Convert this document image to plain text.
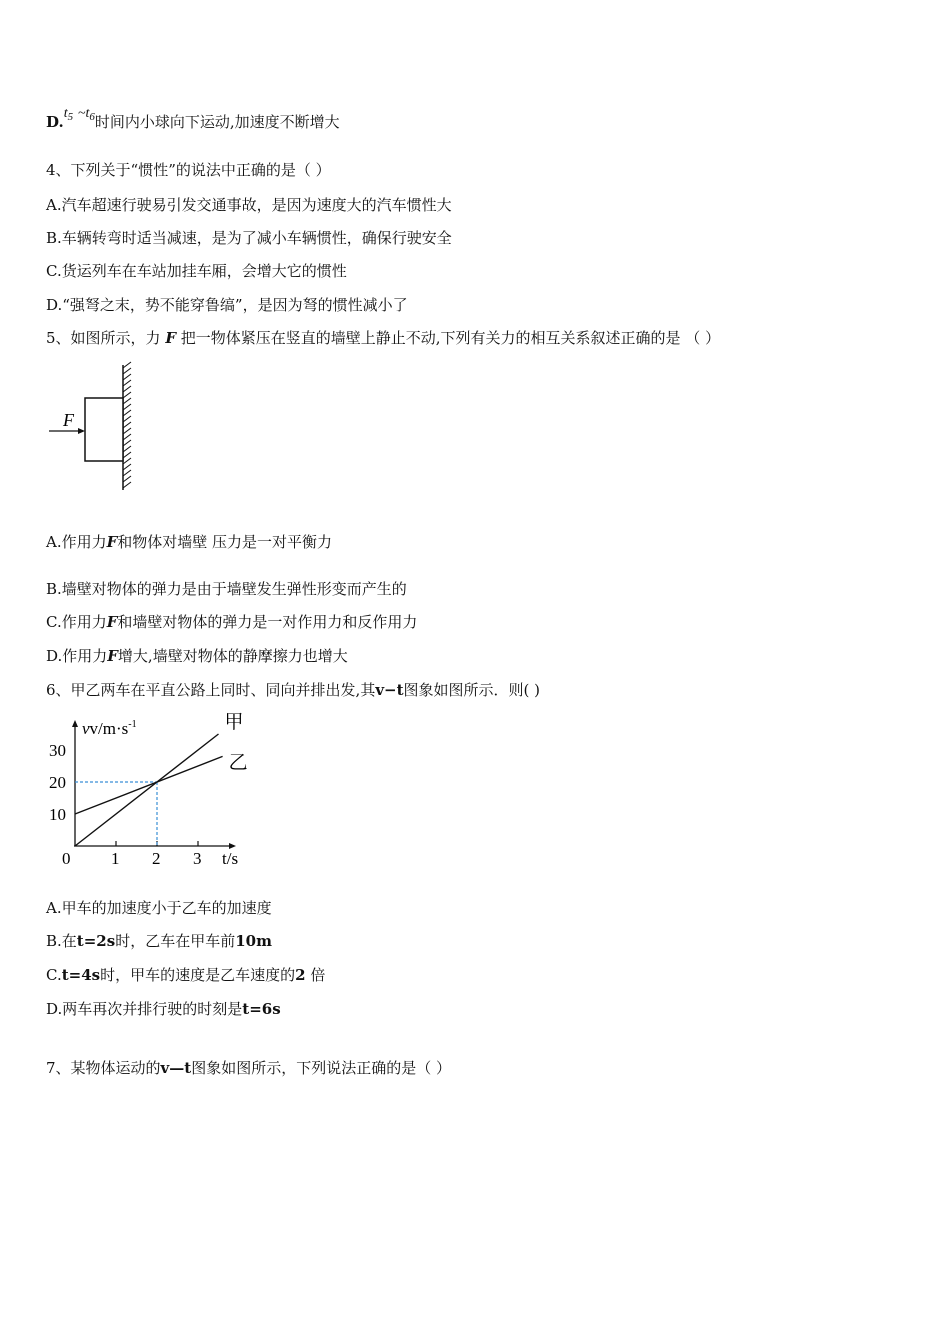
$D.t_5$ $\sim t_6$时间内小球向下运动,加速度不断增大
4、下列关于“惯性”的说法中正确的是（ ）
A.汽车超速行驶易引发交通事故，是因为速度大的汽车惯性大
B.车辆转弯时适当减速，是为了减小车辆惯性，确保行驶安全
C.货运列车在车站加挂车厢，会增大它的惯性
D.“强弩之末，势不能穿鲁缟”，是因为弩的惯性减小了
5、如图所示，力 F 把一物体紧压在竖直的墙壁上静止不动,下列有关力的相互关系叙述正确的是 （ ）
F
A.作用力F和物体对墙壁 压力是一对平衡力
B.墙壁对物体的弹力是由于墙壁发生弹性形变而产生的
C.作用力F和墙壁对物体的弹力是一对作用力和反作用力
D.作用力F增大,墙壁对物体的静摩擦力也增大
6、甲乙两车在平直公路上同时、同向并排出发,其v−t图象如图所示．则( )
$vv/m\cdot s^{-1}$
t/s
0 1 2 3
10
20
30
甲
乙
A.甲车的加速度小于乙车的加速度
B.在t=2s时，乙车在甲车前10m
C.t=4s时，甲车的速度是乙车速度的2 倍
D.两车再次并排行驶的时刻是t=6s
7、某物体运动的v—t图象如图所示，下列说法正确的是（ ）
